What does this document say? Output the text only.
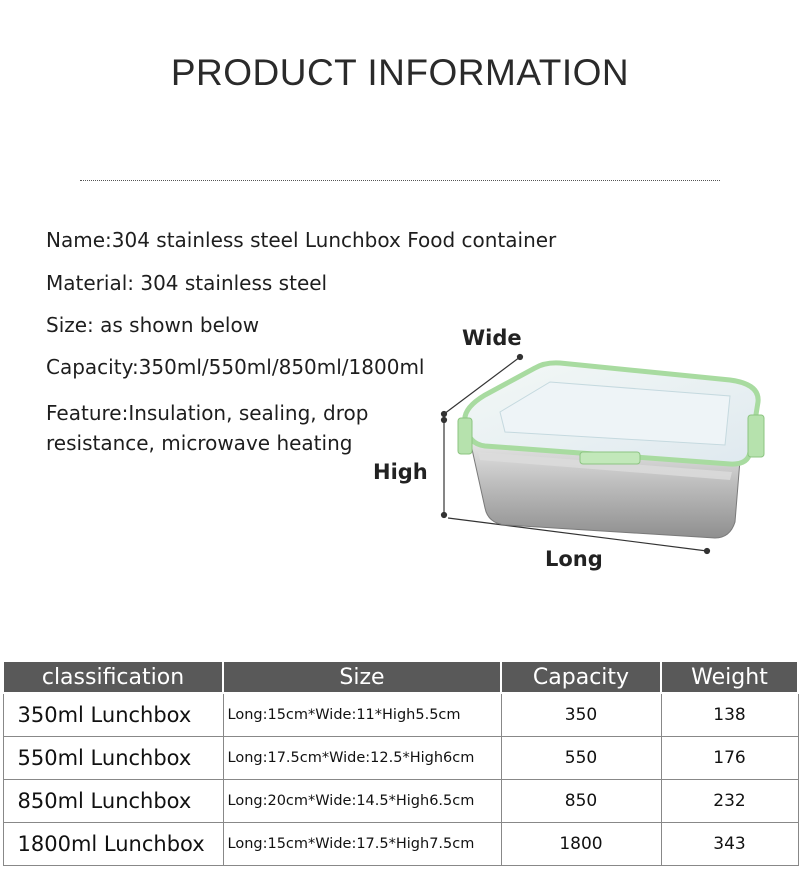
PRODUCT INFORMATION
Name:304 stainless steel Lunchbox Food container
Material: 304 stainless steel
Size: as shown below
Capacity:350ml/550ml/850ml/1800ml
Feature:Insulation, sealing, drop
resistance, microwave heating
Wide
High
Long
classification	Size	Capacity	Weight
350ml Lunchbox	Long:15cm*Wide:11*High5.5cm	350	138
550ml Lunchbox	Long:17.5cm*Wide:12.5*High6cm	550	176
850ml Lunchbox	Long:20cm*Wide:14.5*High6.5cm	850	232
1800ml Lunchbox	Long:15cm*Wide:17.5*High7.5cm	1800	343
